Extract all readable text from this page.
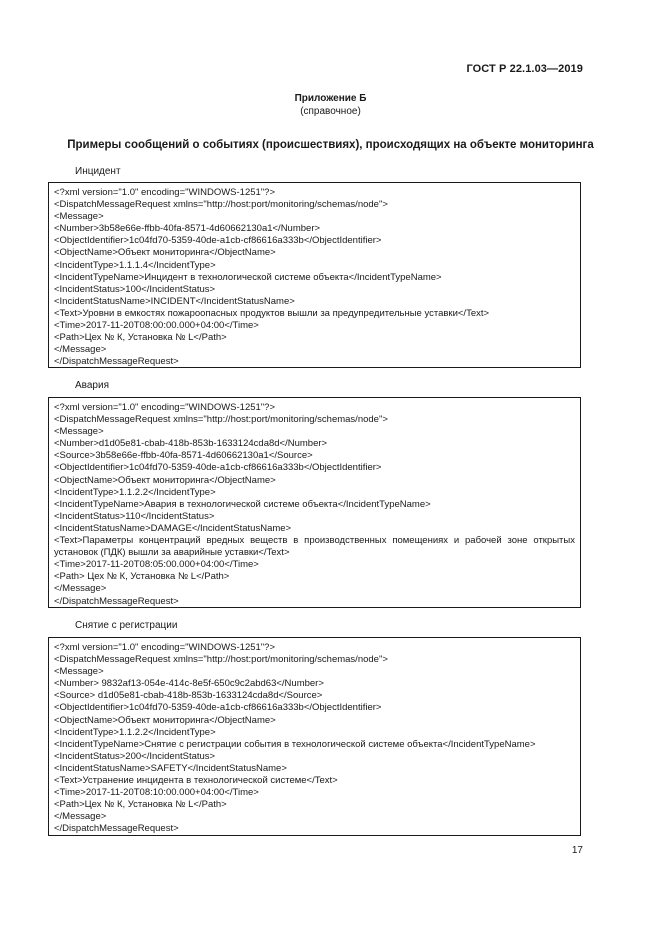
ГОСТ Р 22.1.03—2019
Приложение Б
(справочное)
Примеры сообщений о событиях (происшествиях), происходящих на объекте мониторинга
Инцидент
<?xml version="1.0" encoding="WINDOWS-1251"?>
<DispatchMessageRequest xmlns="http://host:port/monitoring/schemas/node">
<Message>
<Number>3b58e66e-ffbb-40fa-8571-4d60662130a1</Number>
<ObjectIdentifier>1c04fd70-5359-40de-a1cb-cf86616a333b</ObjectIdentifier>
<ObjectName>Объект мониторинга</ObjectName>
<IncidentType>1.1.1.4</IncidentType>
<IncidentTypeName>Инцидент в технологической системе объекта</IncidentTypeName>
<IncidentStatus>100</IncidentStatus>
<IncidentStatusName>INCIDENT</IncidentStatusName>
<Text>Уровни в емкостях пожароопасных продуктов вышли за предупредительные уставки</Text>
<Time>2017-11-20T08:00:00.000+04:00</Time>
<Path>Цех № К, Установка № L</Path>
</Message>
</DispatchMessageRequest>
Авария
<?xml version="1.0" encoding="WINDOWS-1251"?>
<DispatchMessageRequest xmlns="http://host:port/monitoring/schemas/node">
<Message>
<Number>d1d05e81-cbab-418b-853b-1633124cda8d</Number>
<Source>3b58e66e-ffbb-40fa-8571-4d60662130a1</Source>
<ObjectIdentifier>1c04fd70-5359-40de-a1cb-cf86616a333b</ObjectIdentifier>
<ObjectName>Объект мониторинга</ObjectName>
<IncidentType>1.1.2.2</IncidentType>
<IncidentTypeName>Авария в технологической системе объекта</IncidentTypeName>
<IncidentStatus>110</IncidentStatus>
<IncidentStatusName>DAMAGE</IncidentStatusName>
<Text>Параметры концентраций вредных веществ в производственных помещениях и рабочей зоне открытых установок (ПДК) вышли за аварийные уставки</Text>
<Time>2017-11-20T08:05:00.000+04:00</Time>
<Path> Цех № К, Установка № L</Path>
</Message>
</DispatchMessageRequest>
Снятие с регистрации
<?xml version="1.0" encoding="WINDOWS-1251"?>
<DispatchMessageRequest xmlns="http://host:port/monitoring/schemas/node">
<Message>
<Number> 9832af13-054e-414c-8e5f-650c9c2abd63</Number>
<Source> d1d05e81-cbab-418b-853b-1633124cda8d</Source>
<ObjectIdentifier>1c04fd70-5359-40de-a1cb-cf86616a333b</ObjectIdentifier>
<ObjectName>Объект мониторинга</ObjectName>
<IncidentType>1.1.2.2</IncidentType>
<IncidentTypeName>Снятие с регистрации события в технологической системе объекта</IncidentTypeName>
<IncidentStatus>200</IncidentStatus>
<IncidentStatusName>SAFETY</IncidentStatusName>
<Text>Устранение инцидента в технологической системе</Text>
<Time>2017-11-20T08:10:00.000+04:00</Time>
<Path>Цех № К, Установка № L</Path>
</Message>
</DispatchMessageRequest>
17
